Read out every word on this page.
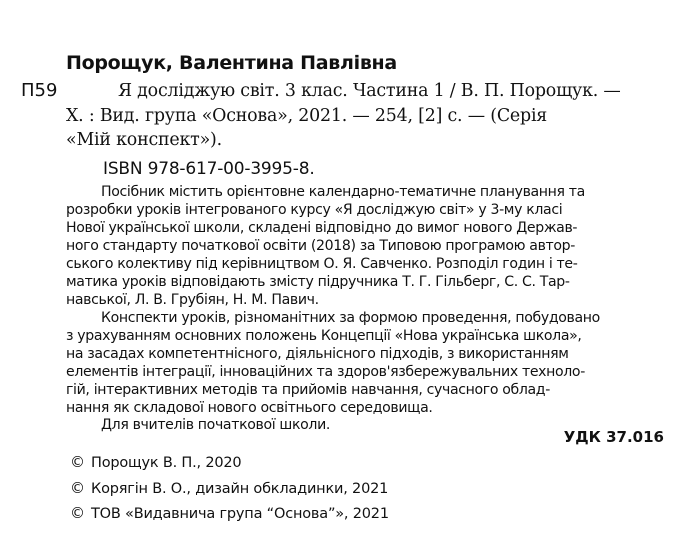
Порощук, Валентина Павлівна
П59	Я досліджую світ. 3 клас. Частина 1 / В. П. Порощук. —
Х. : Вид. група «Основа», 2021. — 254, [2] с. — (Серія
«Мій конспект»).
ISBN 978-617-00-3995-8.
Посібник містить орієнтовне календарно-тематичне планування та
розробки уроків інтегрованого курсу «Я досліджую світ» у 3-му класі
Нової української школи, складені відповідно до вимог нового Держав-
ного стандарту початкової освіти (2018) за Типовою програмою автор-
ського колективу під керівництвом О. Я. Савченко. Розподіл годин і те-
матика уроків відповідають змісту підручника Т. Г. Гільберг, С. С. Тар-
навської, Л. В. Грубіян, Н. М. Павич.
Конспекти уроків, різноманітних за формою проведення, побудовано
з урахуванням основних положень Концепції «Нова українська школа»,
на засадах компетентнісного, діяльнісного підходів, з використанням
елементів інтеграції, інноваційних та здоров'язбережувальних техноло-
гій, інтерактивних методів та прийомів навчання, сучасного облад-
нання як складової нового освітнього середовища.
Для вчителів початкової школи.
УДК 37.016
© Порощук В. П., 2020
© Корягін В. О., дизайн обкладинки, 2021
© ТОВ «Видавнича група “Основа”», 2021
